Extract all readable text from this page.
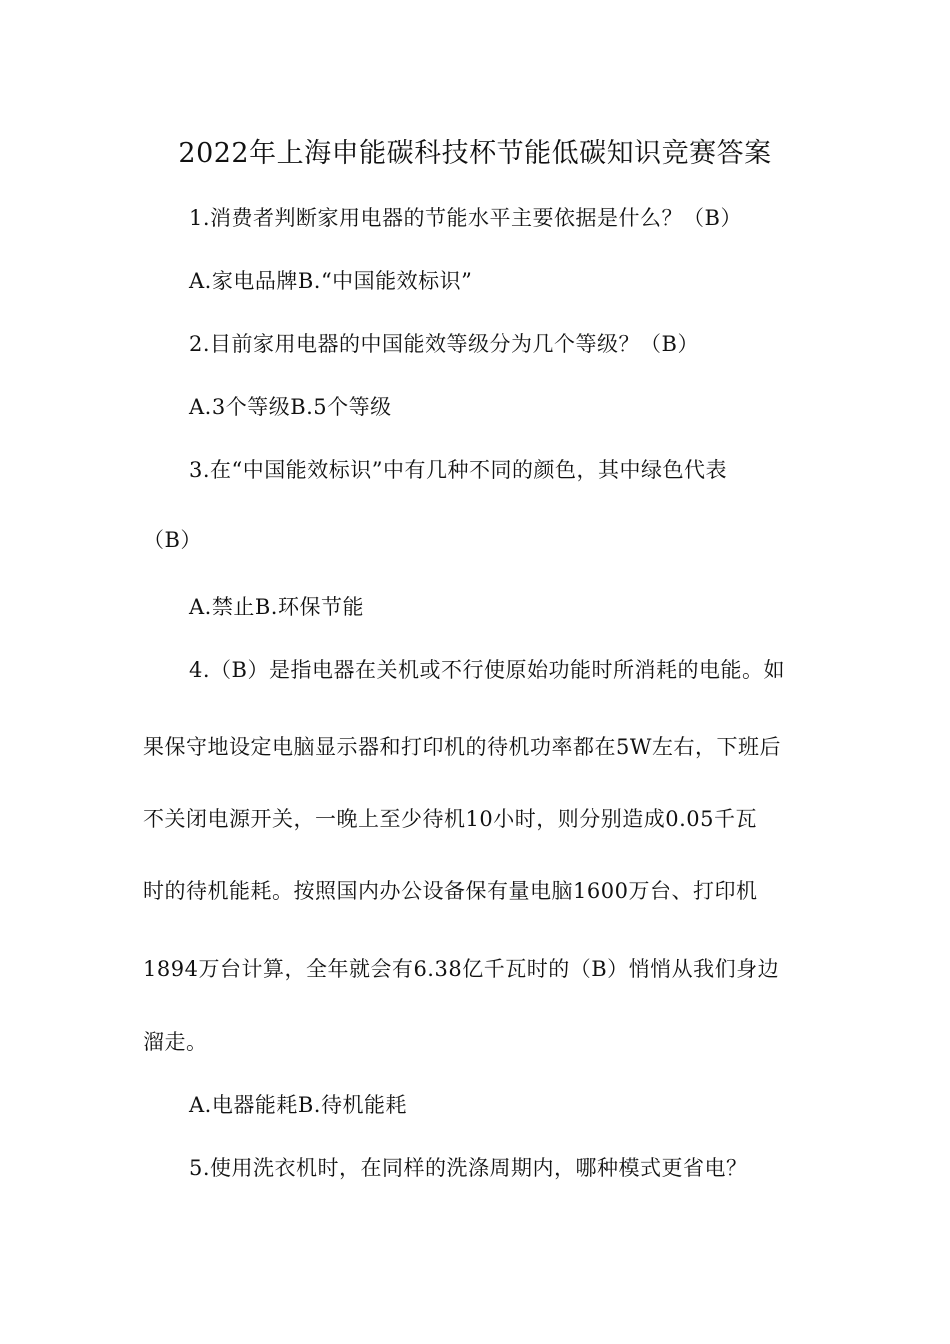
2022年上海申能碳科技杯节能低碳知识竞赛答案
1.消费者判断家用电器的节能水平主要依据是什么？（B）
A.家电品牌B.“中国能效标识”
2.目前家用电器的中国能效等级分为几个等级？（B）
A.3个等级B.5个等级
3.在“中国能效标识”中有几种不同的颜色，其中绿色代表
（B）
A.禁止B.环保节能
4.（B）是指电器在关机或不行使原始功能时所消耗的电能。如
果保守地设定电脑显示器和打印机的待机功率都在5W左右，下班后
不关闭电源开关，一晚上至少待机10小时，则分别造成0.05千瓦
时的待机能耗。按照国内办公设备保有量电脑1600万台、打印机
1894万台计算，全年就会有6.38亿千瓦时的（B）悄悄从我们身边
溜走。
A.电器能耗B.待机能耗
5.使用洗衣机时，在同样的洗涤周期内，哪种模式更省电？
